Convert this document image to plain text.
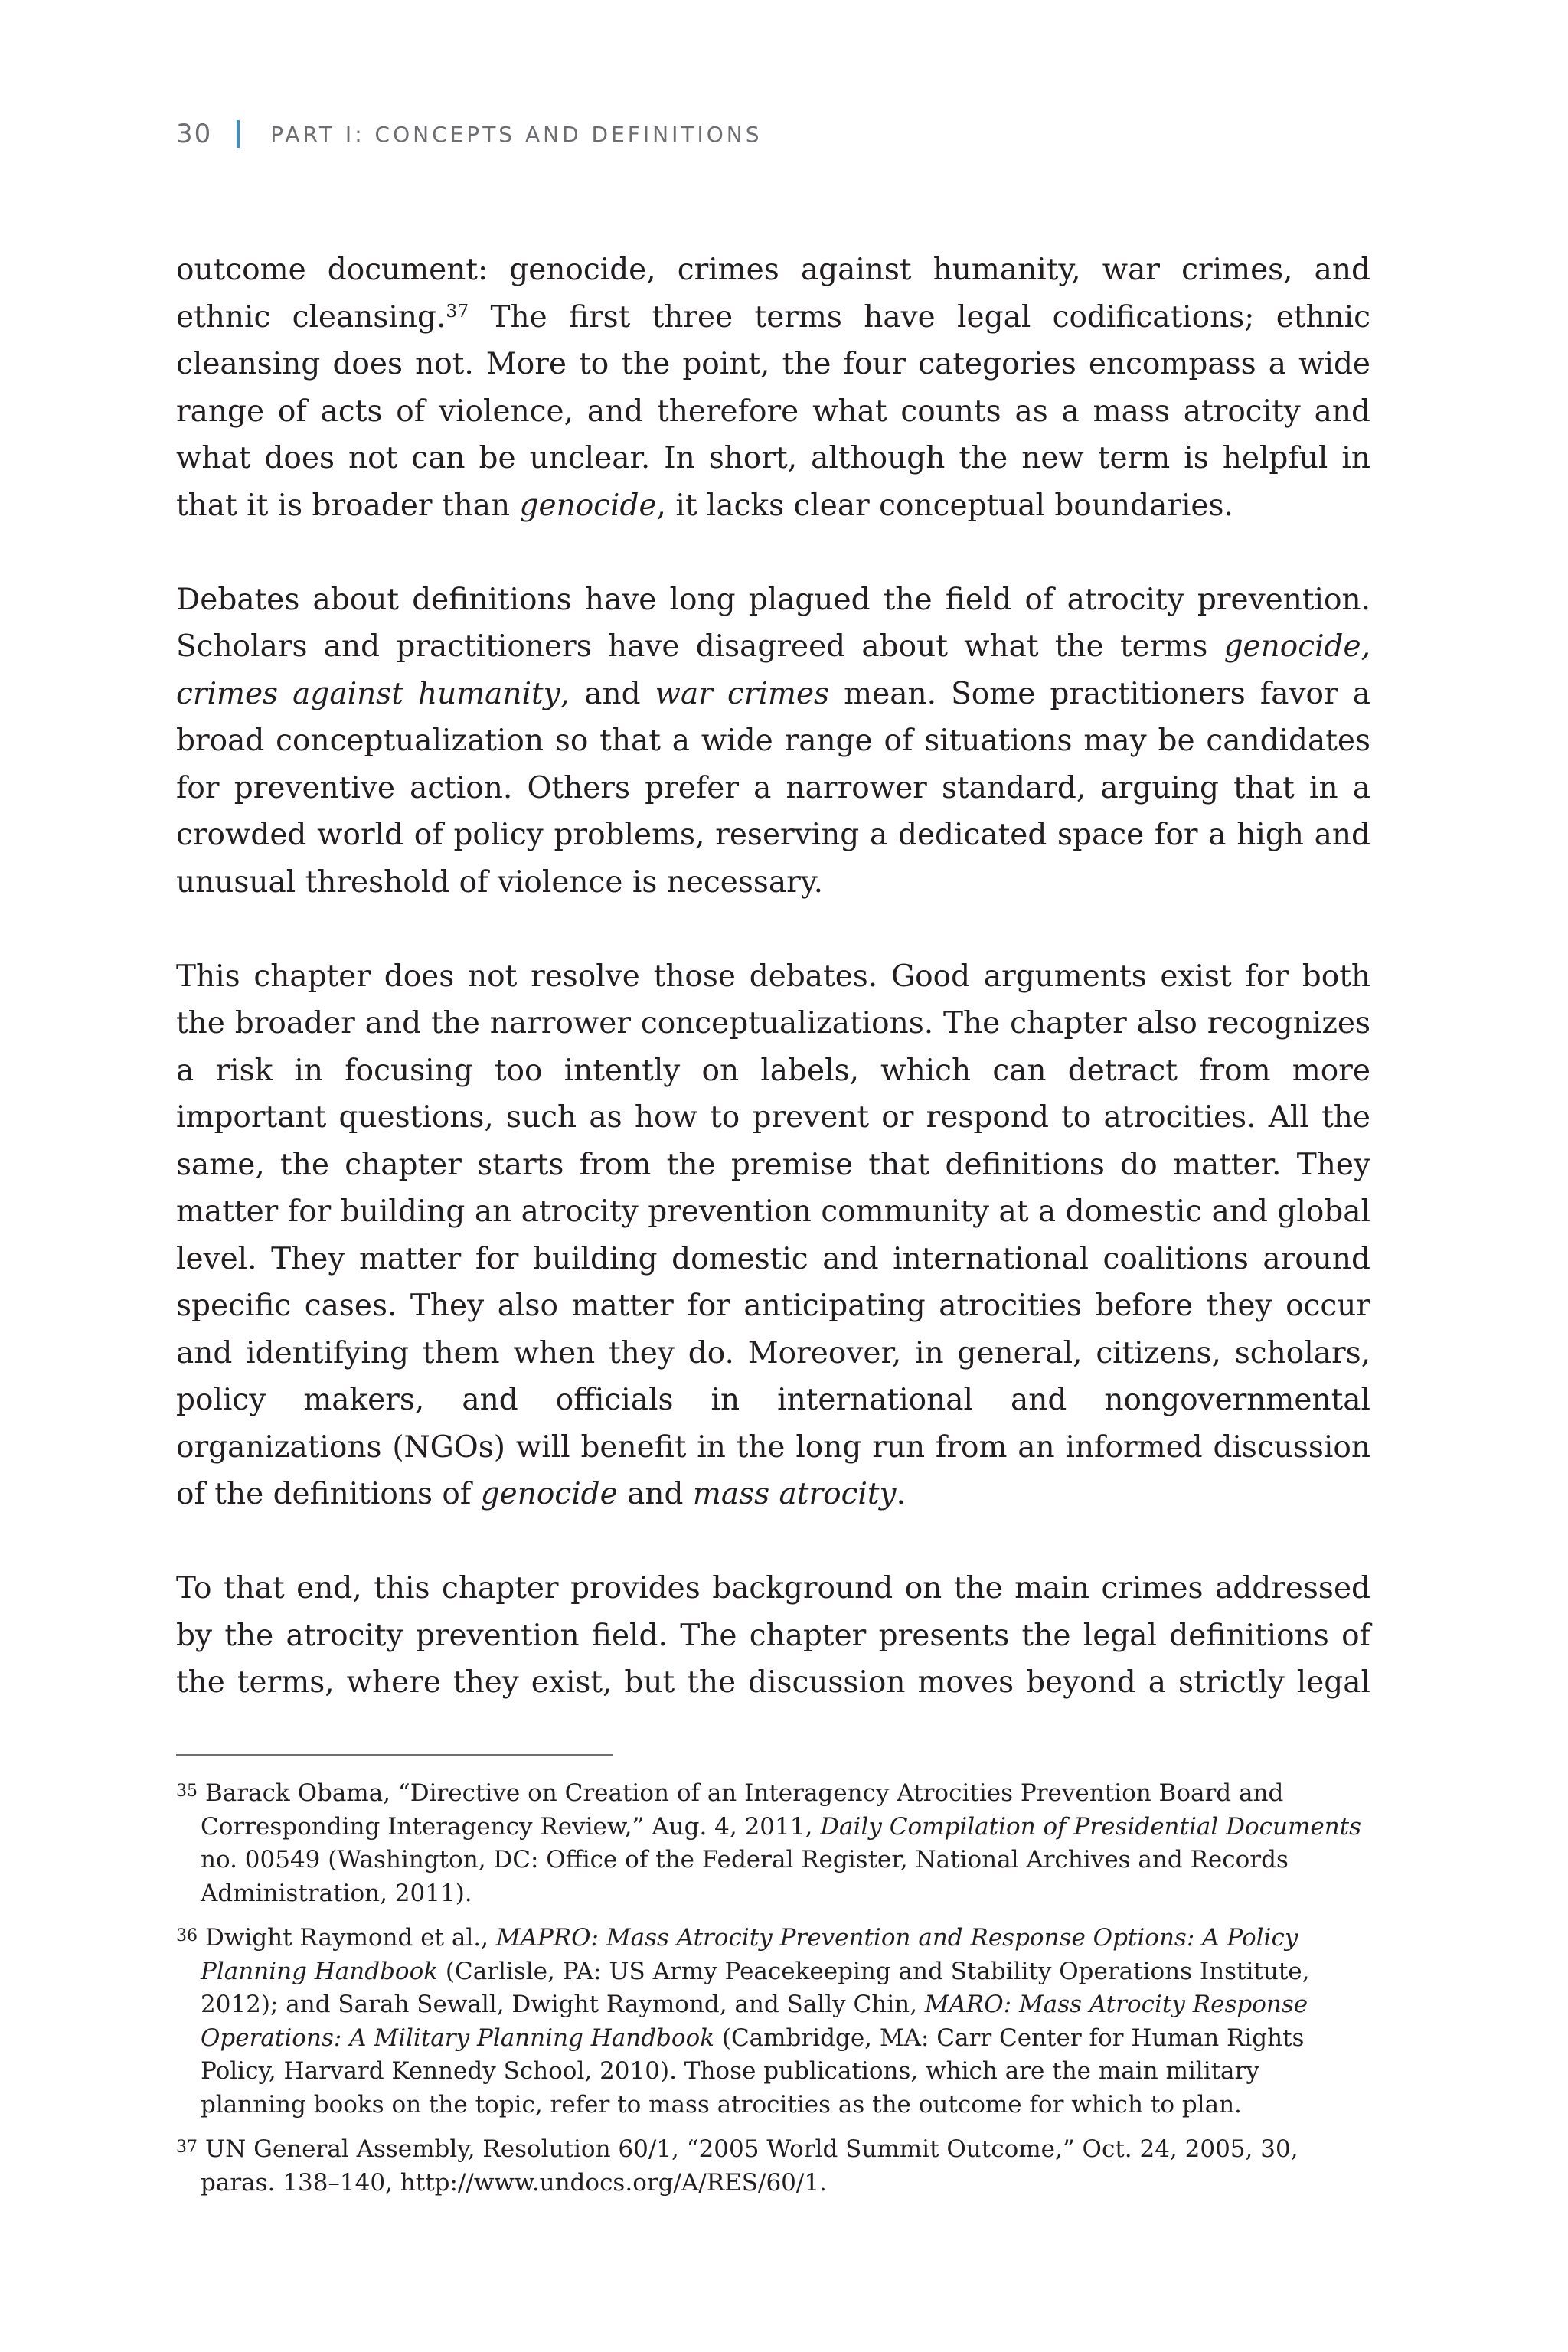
30	PART I: CONCEPTS AND DEFINITIONS

outcome document: genocide, crimes against humanity, war crimes, and ethnic cleansing.$^{37}$ The first three terms have legal codifications; ethnic cleansing does not. More to the point, the four categories encompass a wide range of acts of violence, and therefore what counts as a mass atrocity and what does not can be unclear. In short, although the new term is helpful in that it is broader than genocide, it lacks clear conceptual boundaries.

Debates about definitions have long plagued the field of atrocity prevention. Scholars and practitioners have disagreed about what the terms genocide, crimes against humanity, and war crimes mean. Some practitioners favor a broad conceptualization so that a wide range of situations may be candidates for preventive action. Others prefer a narrower standard, arguing that in a crowded world of policy problems, reserving a dedicated space for a high and unusual threshold of violence is necessary.

This chapter does not resolve those debates. Good arguments exist for both the broader and the narrower conceptualizations. The chapter also recognizes a risk in focusing too intently on labels, which can detract from more important questions, such as how to prevent or respond to atrocities. All the same, the chapter starts from the premise that definitions do matter. They matter for building an atrocity prevention community at a domestic and global level. They matter for building domestic and international coalitions around specific cases. They also matter for anticipating atrocities before they occur and identifying them when they do. Moreover, in general, citizens, scholars, policy makers, and officials in international and nongovernmental organizations (NGOs) will benefit in the long run from an informed discussion of the definitions of genocide and mass atrocity.

To that end, this chapter provides background on the main crimes addressed by the atrocity prevention field. The chapter presents the legal definitions of the terms, where they exist, but the discussion moves beyond a strictly legal

35 Barack Obama, “Directive on Creation of an Interagency Atrocities Prevention Board and Corresponding Interagency Review,” Aug. 4, 2011, Daily Compilation of Presidential Documents no. 00549 (Washington, DC: Office of the Federal Register, National Archives and Records Administration, 2011).

36 Dwight Raymond et al., MAPRO: Mass Atrocity Prevention and Response Options: A Policy Planning Handbook (Carlisle, PA: US Army Peacekeeping and Stability Operations Institute, 2012); and Sarah Sewall, Dwight Raymond, and Sally Chin, MARO: Mass Atrocity Response Operations: A Military Planning Handbook (Cambridge, MA: Carr Center for Human Rights Policy, Harvard Kennedy School, 2010). Those publications, which are the main military planning books on the topic, refer to mass atrocities as the outcome for which to plan.

37 UN General Assembly, Resolution 60/1, “2005 World Summit Outcome,” Oct. 24, 2005, 30, paras. 138–140, http://www.undocs.org/A/RES/60/1.
